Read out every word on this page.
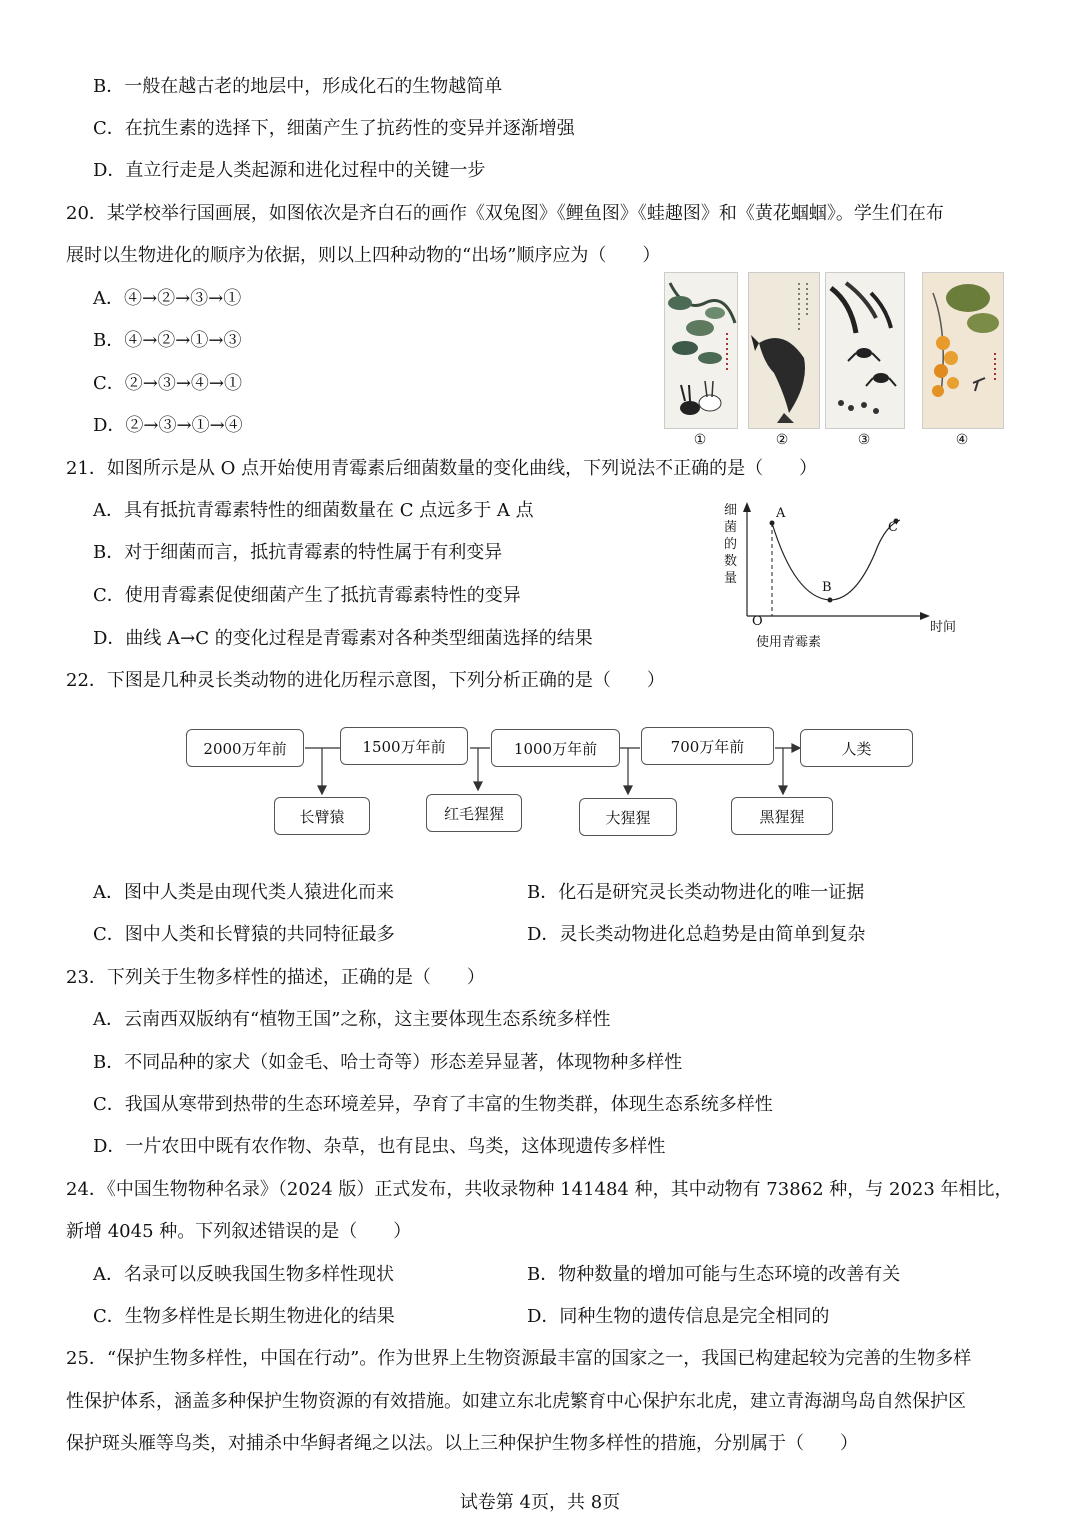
B．一般在越古老的地层中，形成化石的生物越简单
C．在抗生素的选择下，细菌产生了抗药性的变异并逐渐增强
D．直立行走是人类起源和进化过程中的关键一步
20．某学校举行国画展，如图依次是齐白石的画作《双兔图》《鲤鱼图》《蛙趣图》和《黄花蝈蝈》。学生们在布
展时以生物进化的顺序为依据，则以上四种动物的“出场”顺序应为（　　）
A．④→②→③→①
B．④→②→①→③
C．②→③→④→①
D．②→③→①→④
①	②	③	④
21．如图所示是从 O 点开始使用青霉素后细菌数量的变化曲线，下列说法不正确的是（　　）
A．具有抵抗青霉素特性的细菌数量在 C 点远多于 A 点
B．对于细菌而言，抵抗青霉素的特性属于有利变异
C．使用青霉素促使细菌产生了抵抗青霉素特性的变异
D．曲线 A→C 的变化过程是青霉素对各种类型细菌选择的结果
细
菌
的
数
量
A
B
C
O
使用青霉素
时间
22．下图是几种灵长类动物的进化历程示意图，下列分析正确的是（　　）
2000万年前	1500万年前	1000万年前	700万年前	人类
长臂猿	红毛猩猩	大猩猩	黑猩猩
A．图中人类是由现代类人猿进化而来	B．化石是研究灵长类动物进化的唯一证据
C．图中人类和长臂猿的共同特征最多	D．灵长类动物进化总趋势是由简单到复杂
23．下列关于生物多样性的描述，正确的是（　　）
A．云南西双版纳有“植物王国”之称，这主要体现生态系统多样性
B．不同品种的家犬（如金毛、哈士奇等）形态差异显著，体现物种多样性
C．我国从寒带到热带的生态环境差异，孕育了丰富的生物类群，体现生态系统多样性
D．一片农田中既有农作物、杂草，也有昆虫、鸟类，这体现遗传多样性
24．《中国生物物种名录》（2024 版）正式发布，共收录物种 141484 种，其中动物有 73862 种，与 2023 年相比，
新增 4045 种。下列叙述错误的是（　　）
A．名录可以反映我国生物多样性现状	B．物种数量的增加可能与生态环境的改善有关
C．生物多样性是长期生物进化的结果	D．同种生物的遗传信息是完全相同的
25．“保护生物多样性，中国在行动”。作为世界上生物资源最丰富的国家之一，我国已构建起较为完善的生物多样
性保护体系，涵盖多种保护生物资源的有效措施。如建立东北虎繁育中心保护东北虎，建立青海湖鸟岛自然保护区
保护斑头雁等鸟类，对捕杀中华鲟者绳之以法。以上三种保护生物多样性的措施，分别属于（　　）
试卷第 4页，共 8页
